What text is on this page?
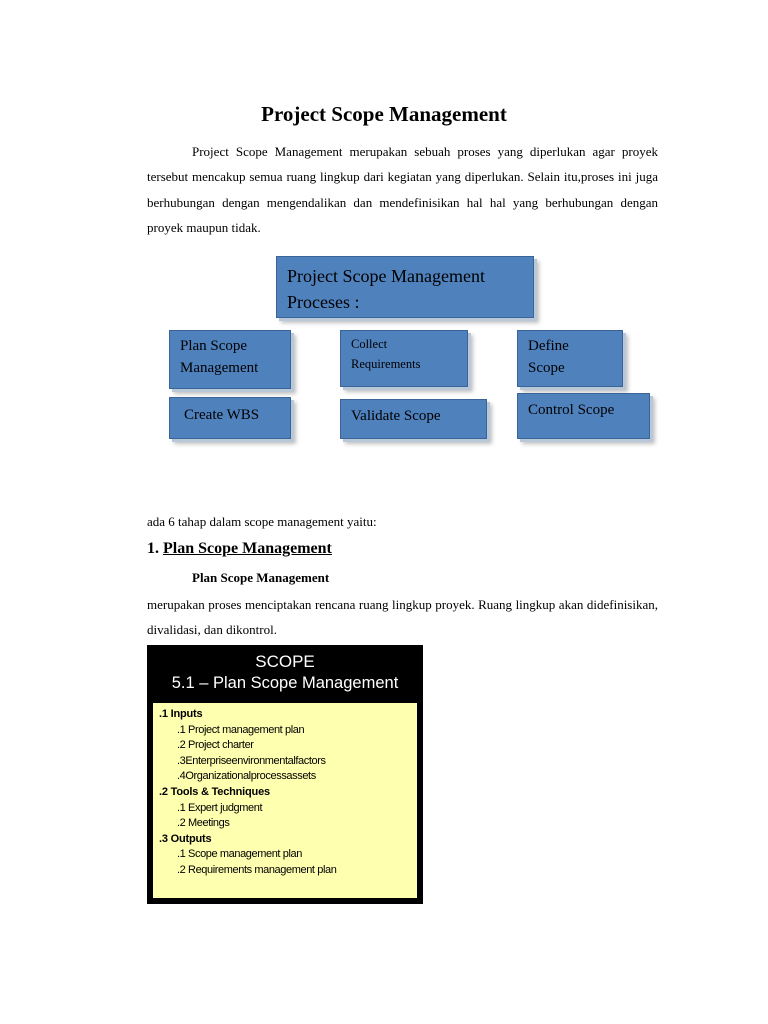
Project Scope Management

Project Scope Management merupakan sebuah proses yang diperlukan agar proyek tersebut mencakup semua ruang lingkup dari kegiatan yang diperlukan. Selain itu,proses ini juga berhubungan dengan mengendalikan dan mendefinisikan hal hal yang berhubungan dengan proyek maupun tidak.

Project Scope Management
Proceses :
Plan Scope
Management
Collect
Requirements
Define
Scope
Create WBS	Validate Scope	Control Scope

ada 6 tahap dalam scope management yaitu:

1. Plan Scope Management

Plan Scope Management

merupakan proses menciptakan rencana ruang lingkup proyek. Ruang lingkup akan didefinisikan, divalidasi, dan dikontrol.

SCOPE
5.1 – Plan Scope Management
.1 Inputs
.1 Project management plan
.2 Project charter
.3Enterpriseenvironmentalfactors
.4Organizationalprocessassets
.2 Tools & Techniques
.1 Expert judgment
.2 Meetings
.3 Outputs
.1 Scope management plan
.2 Requirements management plan
